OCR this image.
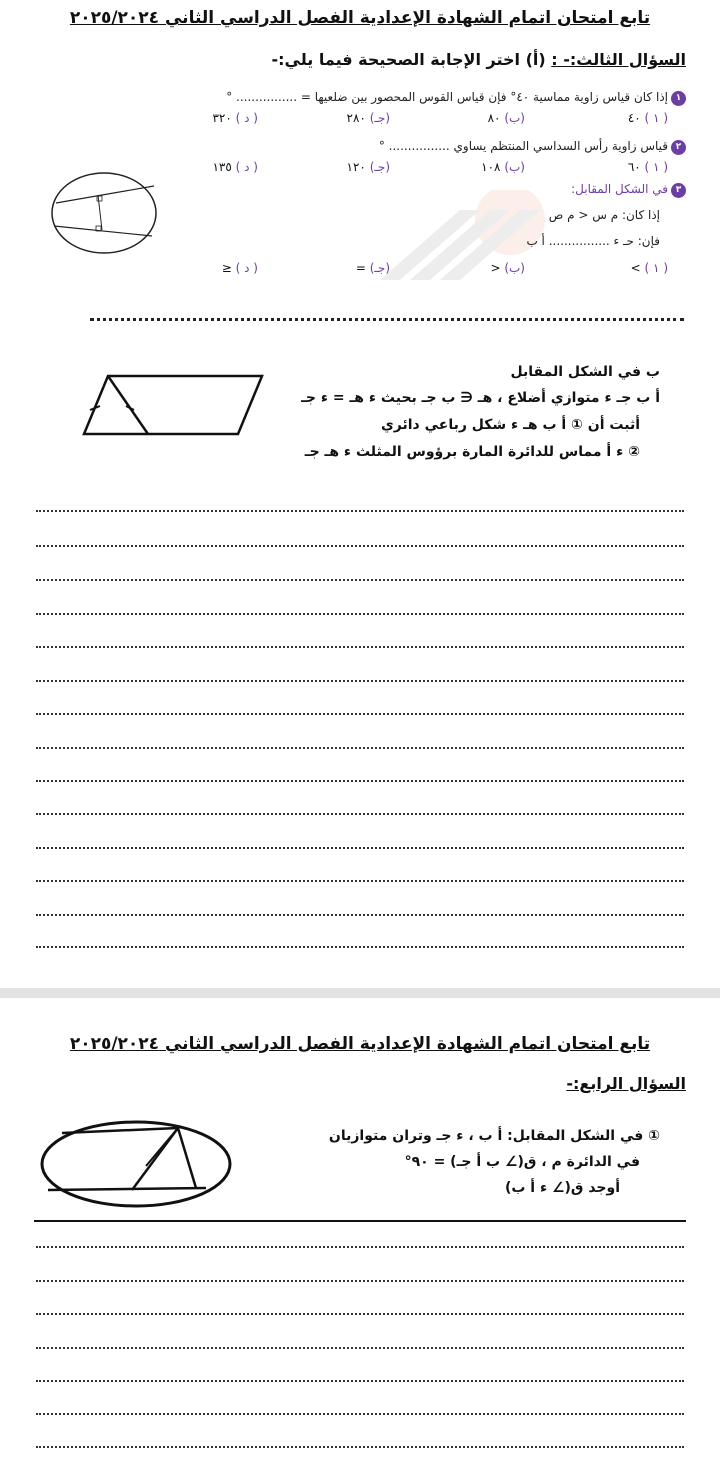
تابع امتحان اتمام الشهادة الإعدادية الفصل الدراسي الثاني ٢٠٢٥/٢٠٢٤
السؤال الثالث:- : (أ) اختر الإجابة الصحيحة فيما يلي:-
١
إذا كان قياس زاوية مماسية ٤٠° فإن قياس القوس المحصور بين ضلعيها = ................ °
( ١ ) ٤٠
(ب) ٨٠
(جـ) ٢٨٠
( د ) ٣٢٠
٢
قياس زاوية رأس السداسي المنتظم يساوي ................ °
( ١ ) ٦٠
(ب) ١٠٨
(جـ) ١٢٠
( د ) ١٣٥
٣
في الشكل المقابل:
إذا كان: م س < م ص
فإن: حـ ء ................ أ ب
( ١ ) >
(ب) <
(جـ) =
( د ) ≤
ب في الشكل المقابل
أ ب جـ ء متوازي أضلاع ، هـ ∈ ب جـ بحيث ء هـ = ء جـ
أثبت أن ① أ ب هـ ء شكل رباعي دائري
② ء أ مماس للدائرة المارة برؤوس المثلث ء هـ جـ
تابع امتحان اتمام الشهادة الإعدادية الفصل الدراسي الثاني ٢٠٢٥/٢٠٢٤
السؤال الرابع:-
① في الشكل المقابل: أ ب ، ء جـ وتران متوازيان
في الدائرة م ، ق(∠ ب أ جـ) = ٩٠°
أوجد ق(∠ ء أ ب)
